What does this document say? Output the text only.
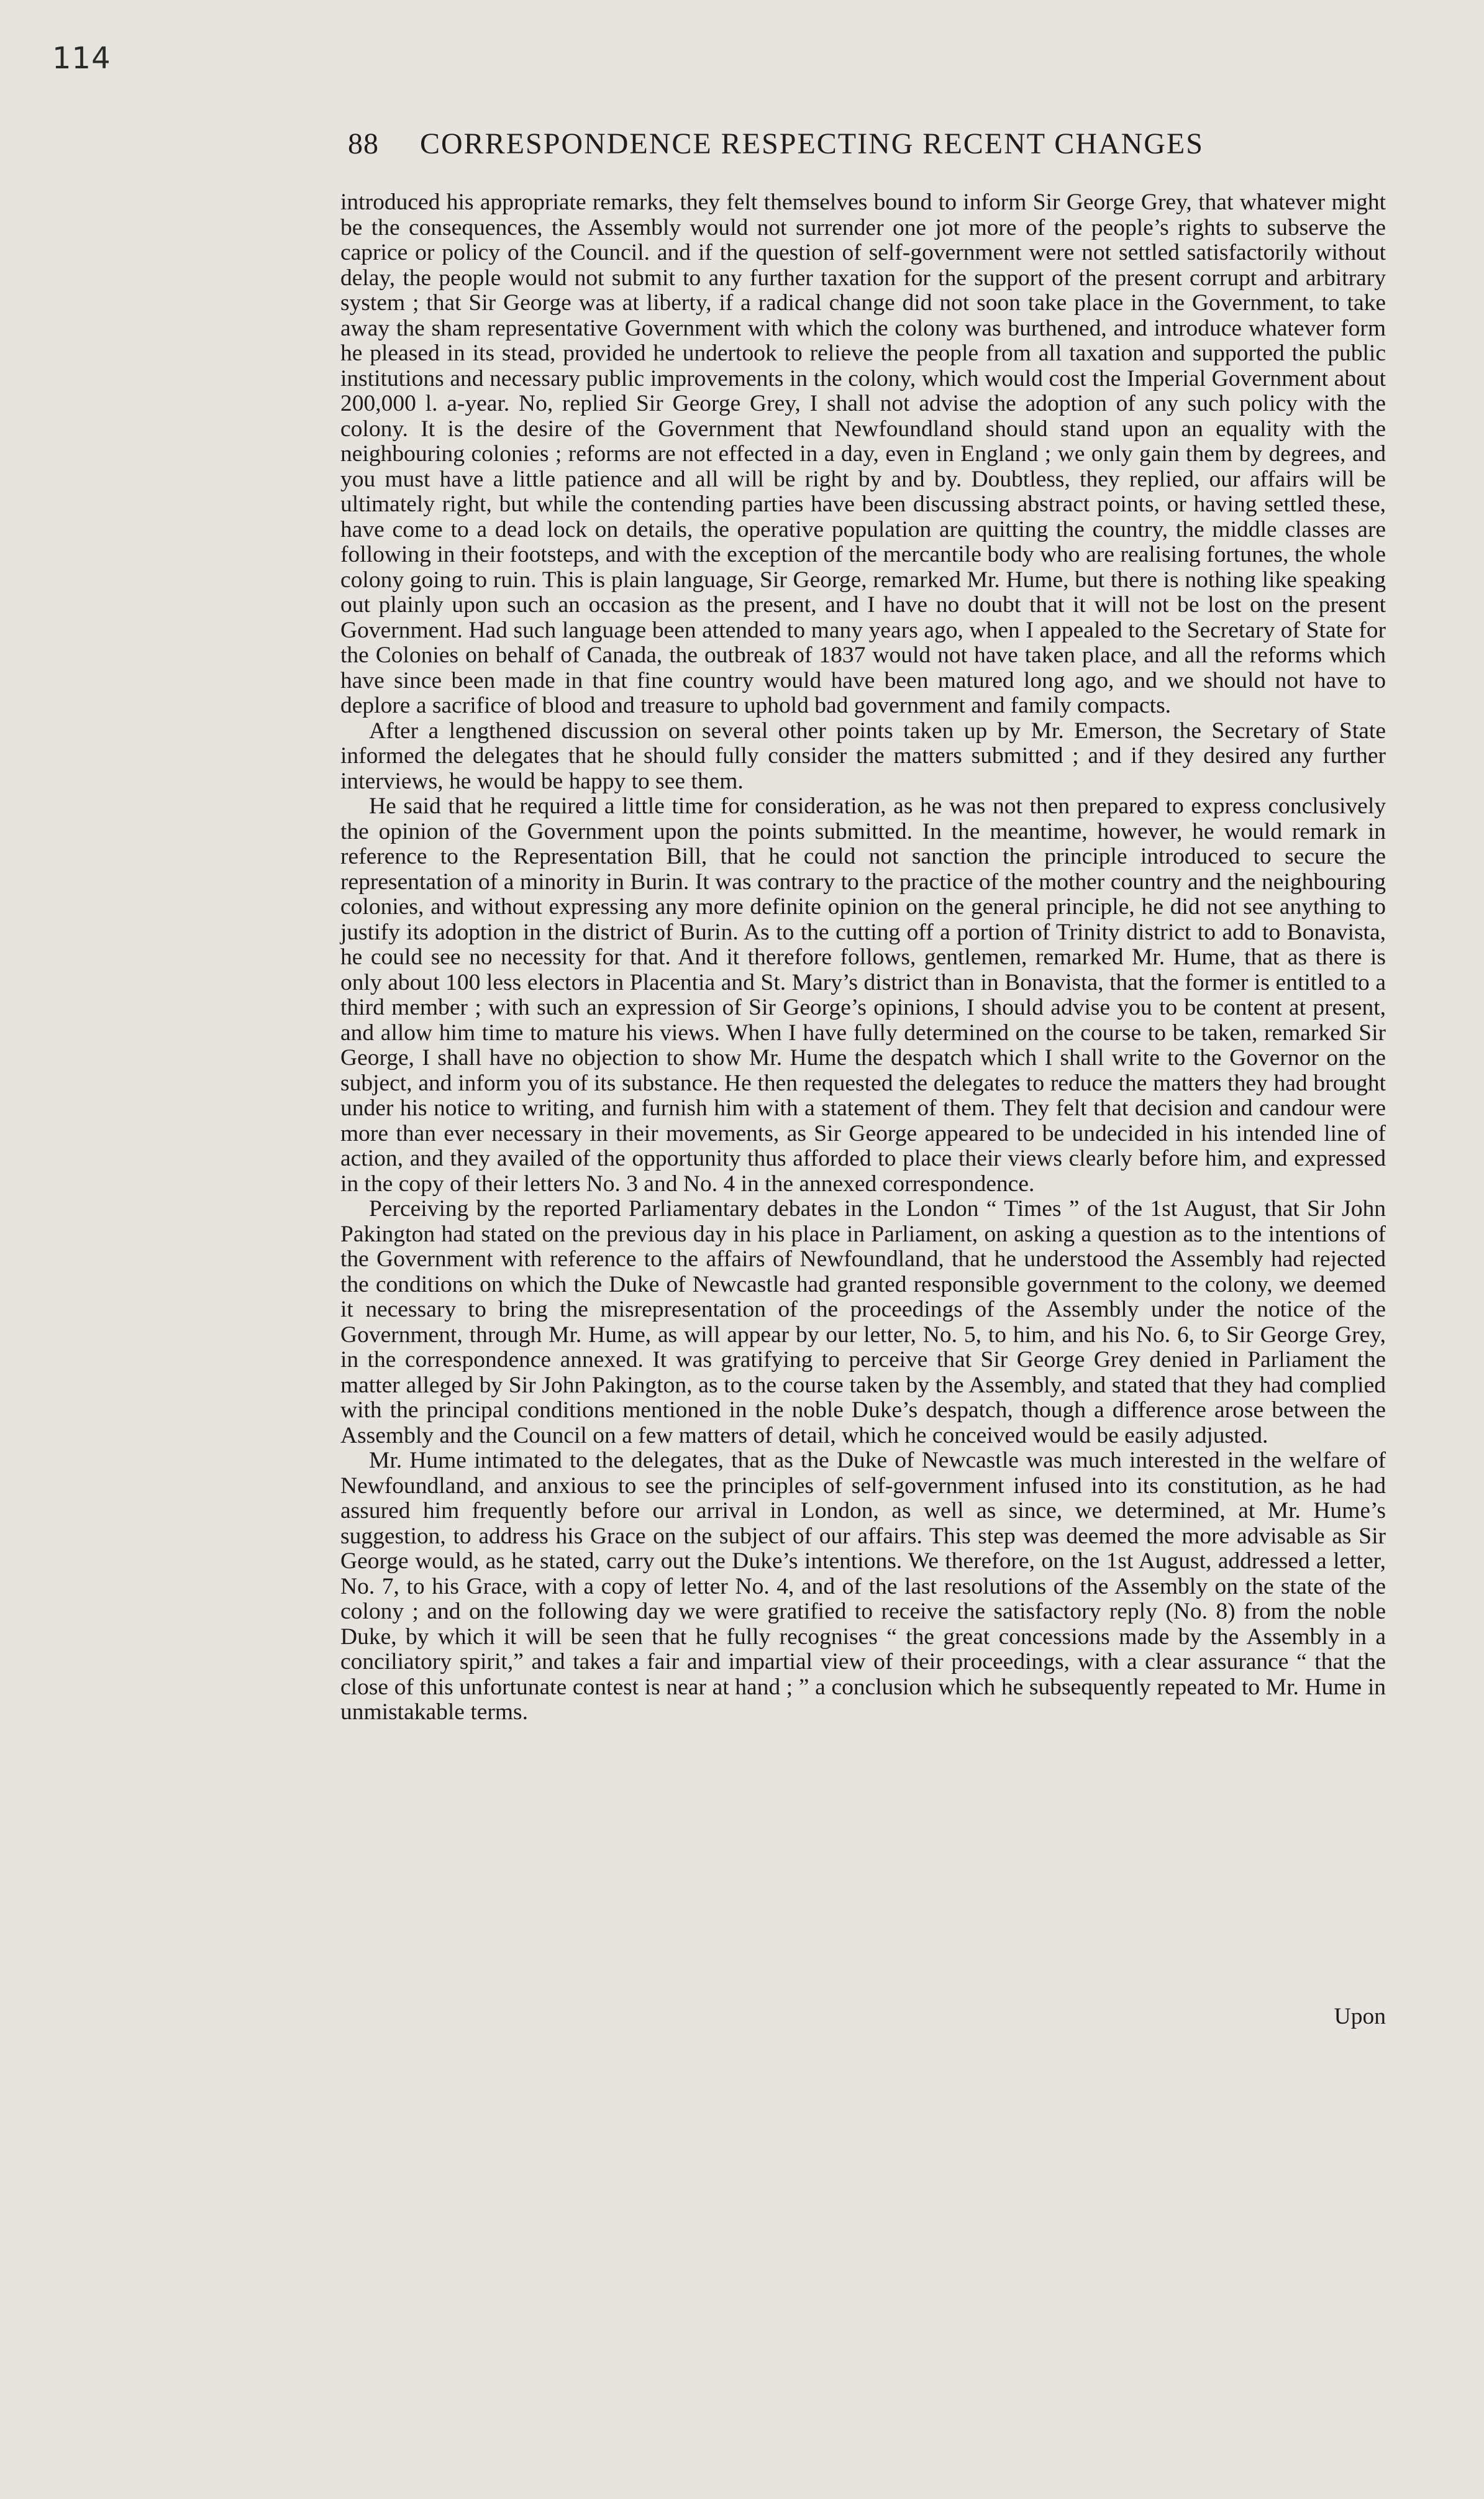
114
88 CORRESPONDENCE RESPECTING RECENT CHANGES

introduced his appropriate remarks, they felt themselves bound to inform Sir George Grey, that whatever might be the consequences, the Assembly would not surrender one jot more of the people’s rights to subserve the caprice or policy of the Council. and if the question of self-government were not settled satisfactorily without delay, the people would not submit to any further taxation for the support of the present corrupt and arbitrary system ; that Sir George was at liberty, if a radical change did not soon take place in the Government, to take away the sham representative Government with which the colony was burthened, and introduce whatever form he pleased in its stead, provided he undertook to relieve the people from all taxation and supported the public institutions and necessary public improvements in the colony, which would cost the Imperial Government about 200,000 l. a-year. No, replied Sir George Grey, I shall not advise the adoption of any such policy with the colony. It is the desire of the Government that Newfoundland should stand upon an equality with the neighbouring colonies ; reforms are not effected in a day, even in England ; we only gain them by degrees, and you must have a little patience and all will be right by and by. Doubtless, they replied, our affairs will be ultimately right, but while the contending parties have been discussing abstract points, or having settled these, have come to a dead lock on details, the operative population are quitting the country, the middle classes are following in their footsteps, and with the exception of the mercantile body who are realising fortunes, the whole colony going to ruin. This is plain language, Sir George, remarked Mr. Hume, but there is nothing like speaking out plainly upon such an occasion as the present, and I have no doubt that it will not be lost on the present Government. Had such language been attended to many years ago, when I appealed to the Secretary of State for the Colonies on behalf of Canada, the outbreak of 1837 would not have taken place, and all the reforms which have since been made in that fine country would have been matured long ago, and we should not have to deplore a sacrifice of blood and treasure to uphold bad government and family compacts.

After a lengthened discussion on several other points taken up by Mr. Emerson, the Secretary of State informed the delegates that he should fully consider the matters submitted ; and if they desired any further interviews, he would be happy to see them.

He said that he required a little time for consideration, as he was not then prepared to express conclusively the opinion of the Government upon the points submitted. In the meantime, however, he would remark in reference to the Representation Bill, that he could not sanction the principle introduced to secure the representation of a minority in Burin. It was contrary to the practice of the mother country and the neighbouring colonies, and without expressing any more definite opinion on the general principle, he did not see anything to justify its adoption in the district of Burin. As to the cutting off a portion of Trinity district to add to Bonavista, he could see no necessity for that. And it therefore follows, gentlemen, remarked Mr. Hume, that as there is only about 100 less electors in Placentia and St. Mary’s district than in Bonavista, that the former is entitled to a third member ; with such an expression of Sir George’s opinions, I should advise you to be content at present, and allow him time to mature his views. When I have fully determined on the course to be taken, remarked Sir George, I shall have no objection to show Mr. Hume the despatch which I shall write to the Governor on the subject, and inform you of its substance. He then requested the delegates to reduce the matters they had brought under his notice to writing, and furnish him with a statement of them. They felt that decision and candour were more than ever necessary in their movements, as Sir George appeared to be undecided in his intended line of action, and they availed of the opportunity thus afforded to place their views clearly before him, and expressed in the copy of their letters No. 3 and No. 4 in the annexed correspondence.

Perceiving by the reported Parliamentary debates in the London “ Times ” of the 1st August, that Sir John Pakington had stated on the previous day in his place in Parliament, on asking a question as to the intentions of the Government with reference to the affairs of Newfoundland, that he understood the Assembly had rejected the conditions on which the Duke of Newcastle had granted responsible government to the colony, we deemed it necessary to bring the misrepresentation of the proceedings of the Assembly under the notice of the Government, through Mr. Hume, as will appear by our letter, No. 5, to him, and his No. 6, to Sir George Grey, in the correspondence annexed. It was gratifying to perceive that Sir George Grey denied in Parliament the matter alleged by Sir John Pakington, as to the course taken by the Assembly, and stated that they had complied with the principal conditions mentioned in the noble Duke’s despatch, though a difference arose between the Assembly and the Council on a few matters of detail, which he conceived would be easily adjusted.

Mr. Hume intimated to the delegates, that as the Duke of Newcastle was much interested in the welfare of Newfoundland, and anxious to see the principles of self-government infused into its constitution, as he had assured him frequently before our arrival in London, as well as since, we determined, at Mr. Hume’s suggestion, to address his Grace on the subject of our affairs. This step was deemed the more advisable as Sir George would, as he stated, carry out the Duke’s intentions. We therefore, on the 1st August, addressed a letter, No. 7, to his Grace, with a copy of letter No. 4, and of the last resolutions of the Assembly on the state of the colony ; and on the following day we were gratified to receive the satisfactory reply (No. 8) from the noble Duke, by which it will be seen that he fully recognises “ the great concessions made by the Assembly in a conciliatory spirit,” and takes a fair and impartial view of their proceedings, with a clear assurance “ that the close of this unfortunate contest is near at hand ; ” a conclusion which he subsequently repeated to Mr. Hume in unmistakable terms.

Upon
